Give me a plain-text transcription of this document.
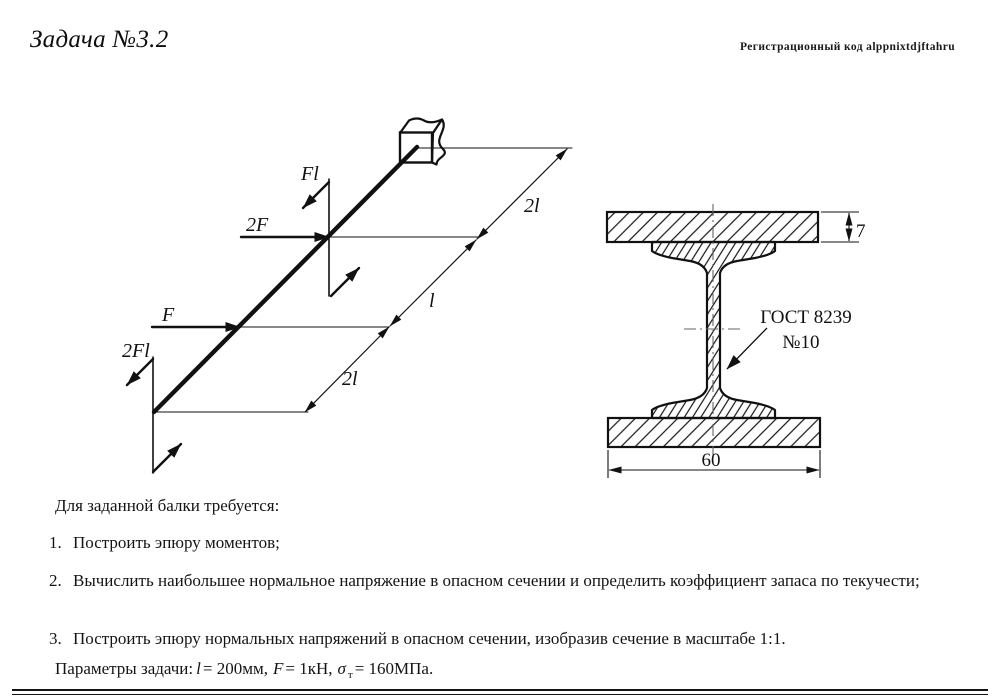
Задача №3.2	Регистрационный код alppnixtdjftahru
2l
l
2l
2F
F
Fl
2Fl
7
60
ГОСТ 8239
№10
Для заданной балки требуется:
1. Построить эпюру моментов;
2. Вычислить наибольшее нормальное напряжение в опасном сечении и определить коэффициент запаса по текучести;
3. Построить эпюру нормальных напряжений в опасном сечении, изобразив сечение в масштабе 1:1.
Параметры задачи: l = 200мм, F = 1кН, σ $_т$ = 160МПа.
